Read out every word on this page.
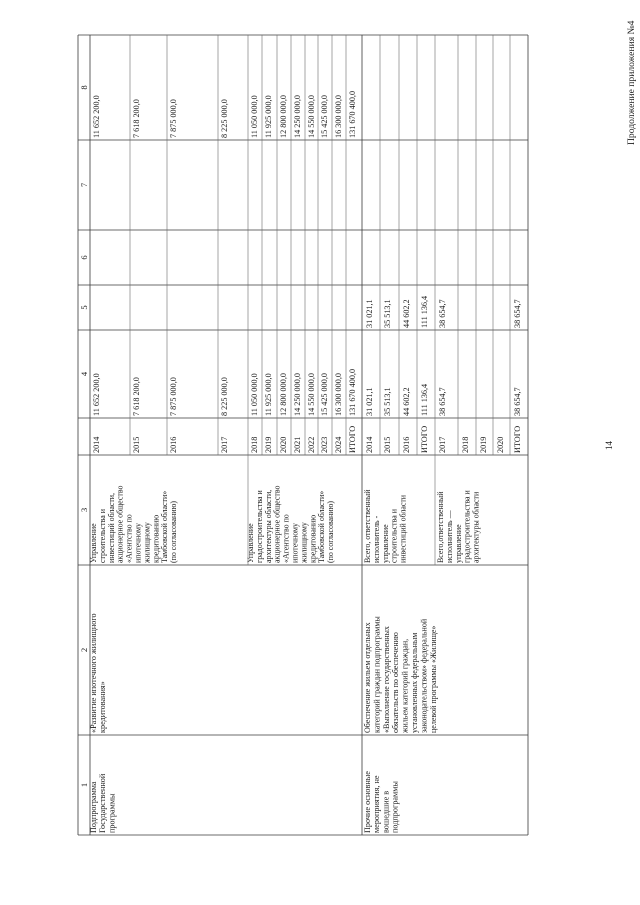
Продолжение приложения №4
14
1
2
3
4
5
6
7
8
Подпрограмма Государственной программы
«Развитие ипотечного жилищного кредитования»
Управление строительства и инвестиций области, акционерное общество «Агентство по ипотечному жилищному кредитованию Тамбовской области» (по согласованию)	Управление градостроительства и архитектуры области, акционерное общество «Агентство по ипотечному жилищному кредитованию Тамбовской области» (по согласованию)
2014
11 652 200,0
11 652 200,0
2015
7 618 200,0
7 618 200,0
2016
7 875 000,0
7 875 000,0
2017
8 225 000,0
8 225 000,0
2018
11 050 000,0
11 050 000,0
2019
11 925 000,0
11 925 000,0
2020
12 800 000,0
12 800 000,0
2021
14 250 000,0
14 250 000,0
2022
14 550 000,0
14 550 000,0
2023
15 425 000,0
15 425 000,0
2024
16 300 000,0
16 300 000,0
ИТОГО
131 670 400,0
131 670 400,0
Прочие основные мероприятия, не вошедшие в подпрограммы
Обеспечение жильем отдельных категорий граждан подпрограммы «Выполнение государственных обязательств по обеспечению жильем категорий граждан, установленных федеральным законодательством» федеральной целевой программы «Жилище»
Всего, ответственный исполнитель - управление строительства и инвестиций области	Всего,ответственный исполнитель — управление градостроительства и архитектуры области
2014
31 021,1
31 021,1
2015
35 513,1
35 513,1
2016
44 602,2
44 602,2
ИТОГО
111 136,4
111 136,4
2017
38 654,7
38 654,7
2018 2019 2020 ИТОГО
38 654,7
38 654,7
